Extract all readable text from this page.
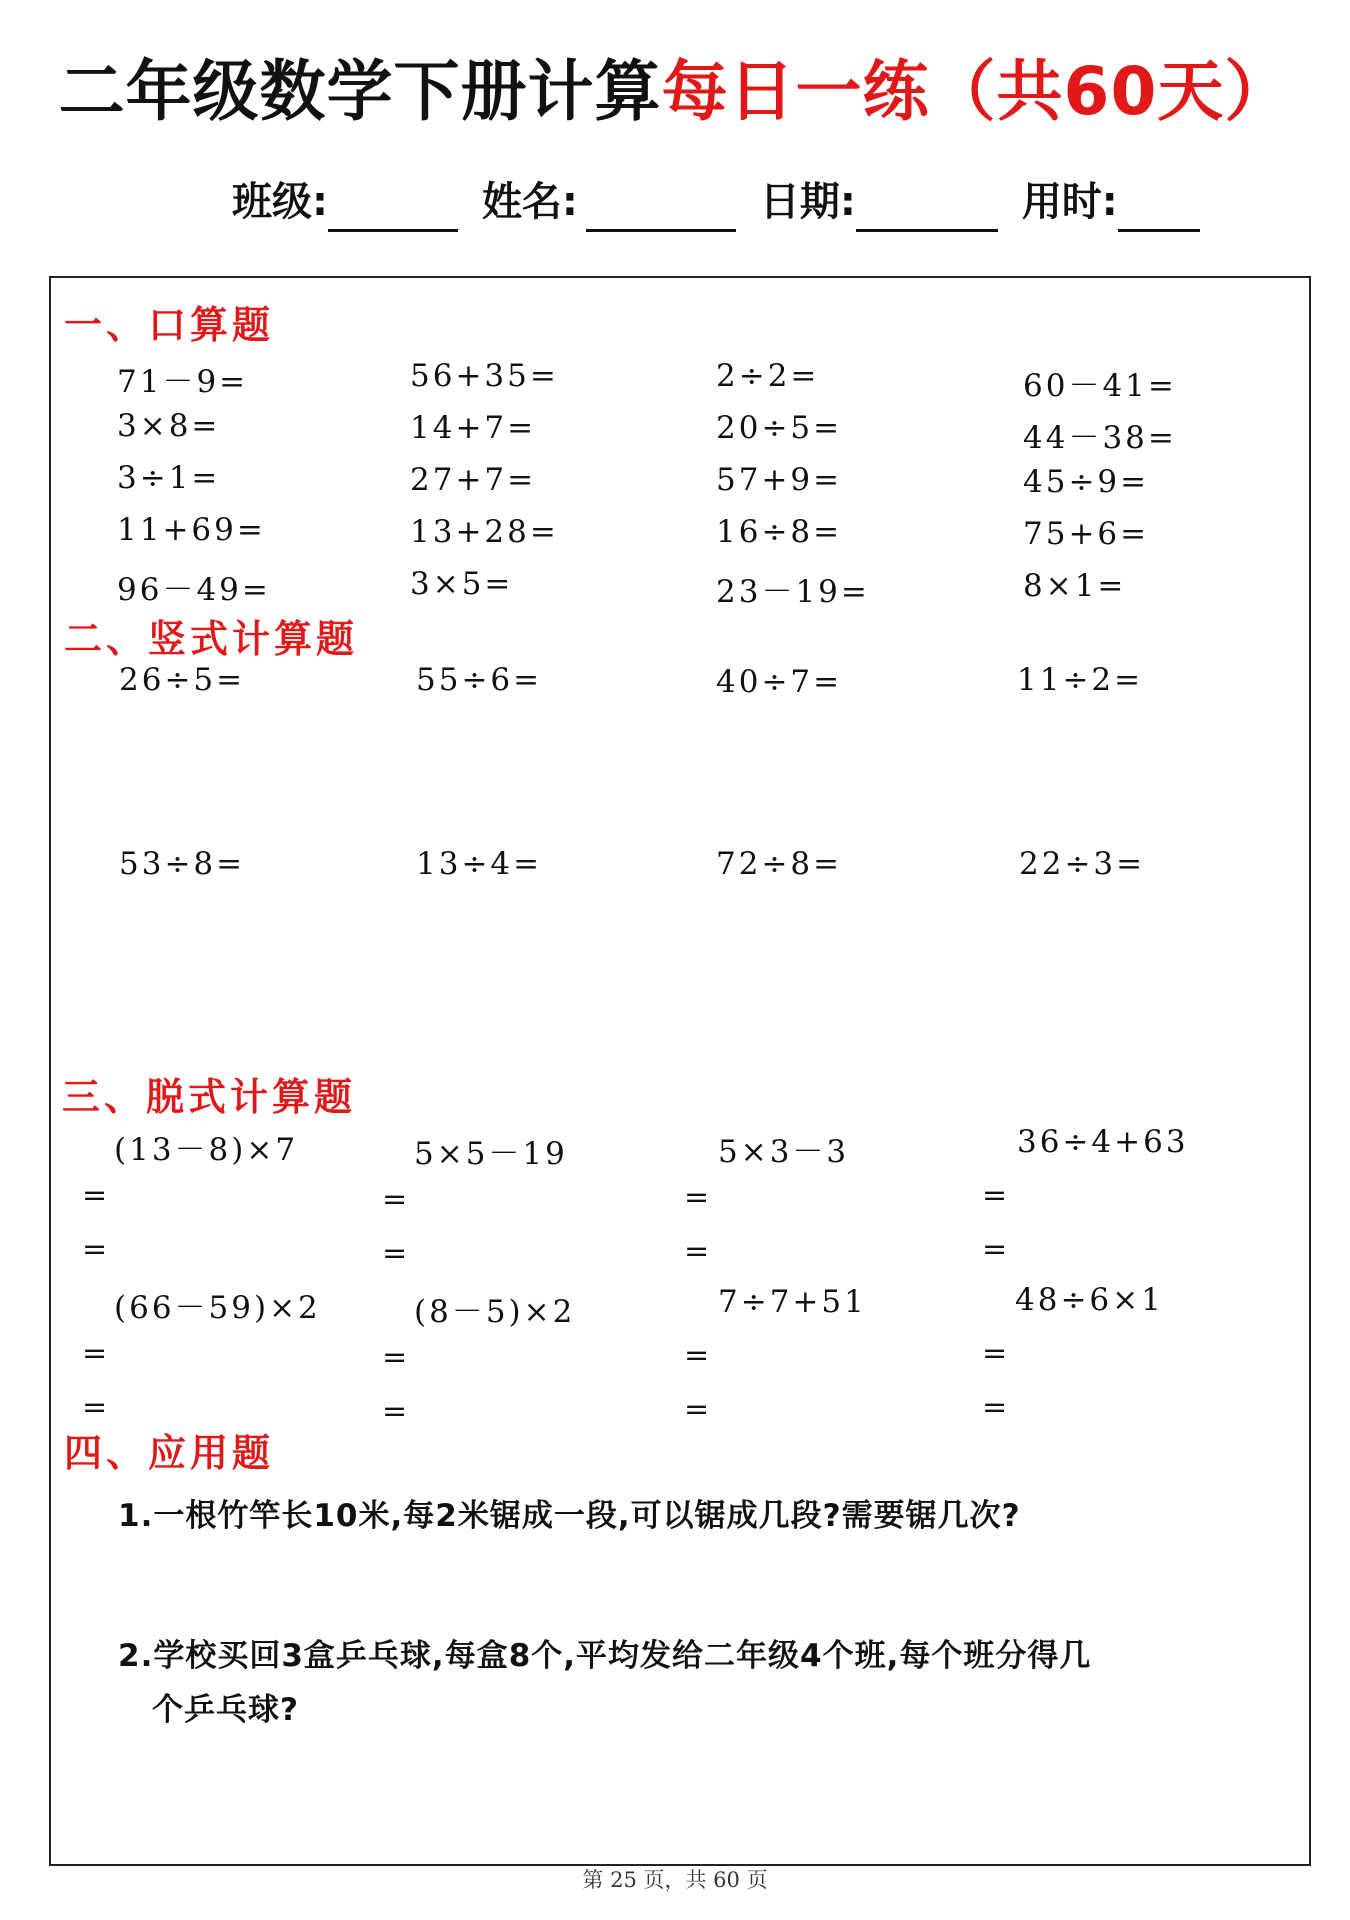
二年级数学下册计算每日一练（共60天）
班级:	姓名:	日期:	用时:
一、口算题
71－9=	56+35=	2÷2=	60－41=
3×8=	14+7=	20÷5=	44－38=
3÷1=	27+7=	57+9=	45÷9=
11+69=	13+28=	16÷8=	75+6=
96－49=	3×5=	23－19=	8×1=
二、竖式计算题
26÷5=	55÷6=	40÷7=	11÷2=
53÷8=	13÷4=	72÷8=	22÷3=
三、脱式计算题
(13－8)×7	5×5－19	5×3－3	36÷4+63
=	=	=	=
=	=	=	=
(66－59)×2	(8－5)×2	7÷7+51	48÷6×1
=	=	=	=
=	=	=	=
四、应用题
1.一根竹竿长10米,每2米锯成一段,可以锯成几段?需要锯几次?
2.学校买回3盒乒乓球,每盒8个,平均发给二年级4个班,每个班分得几
个乒乓球?
第 25 页，共 60 页
